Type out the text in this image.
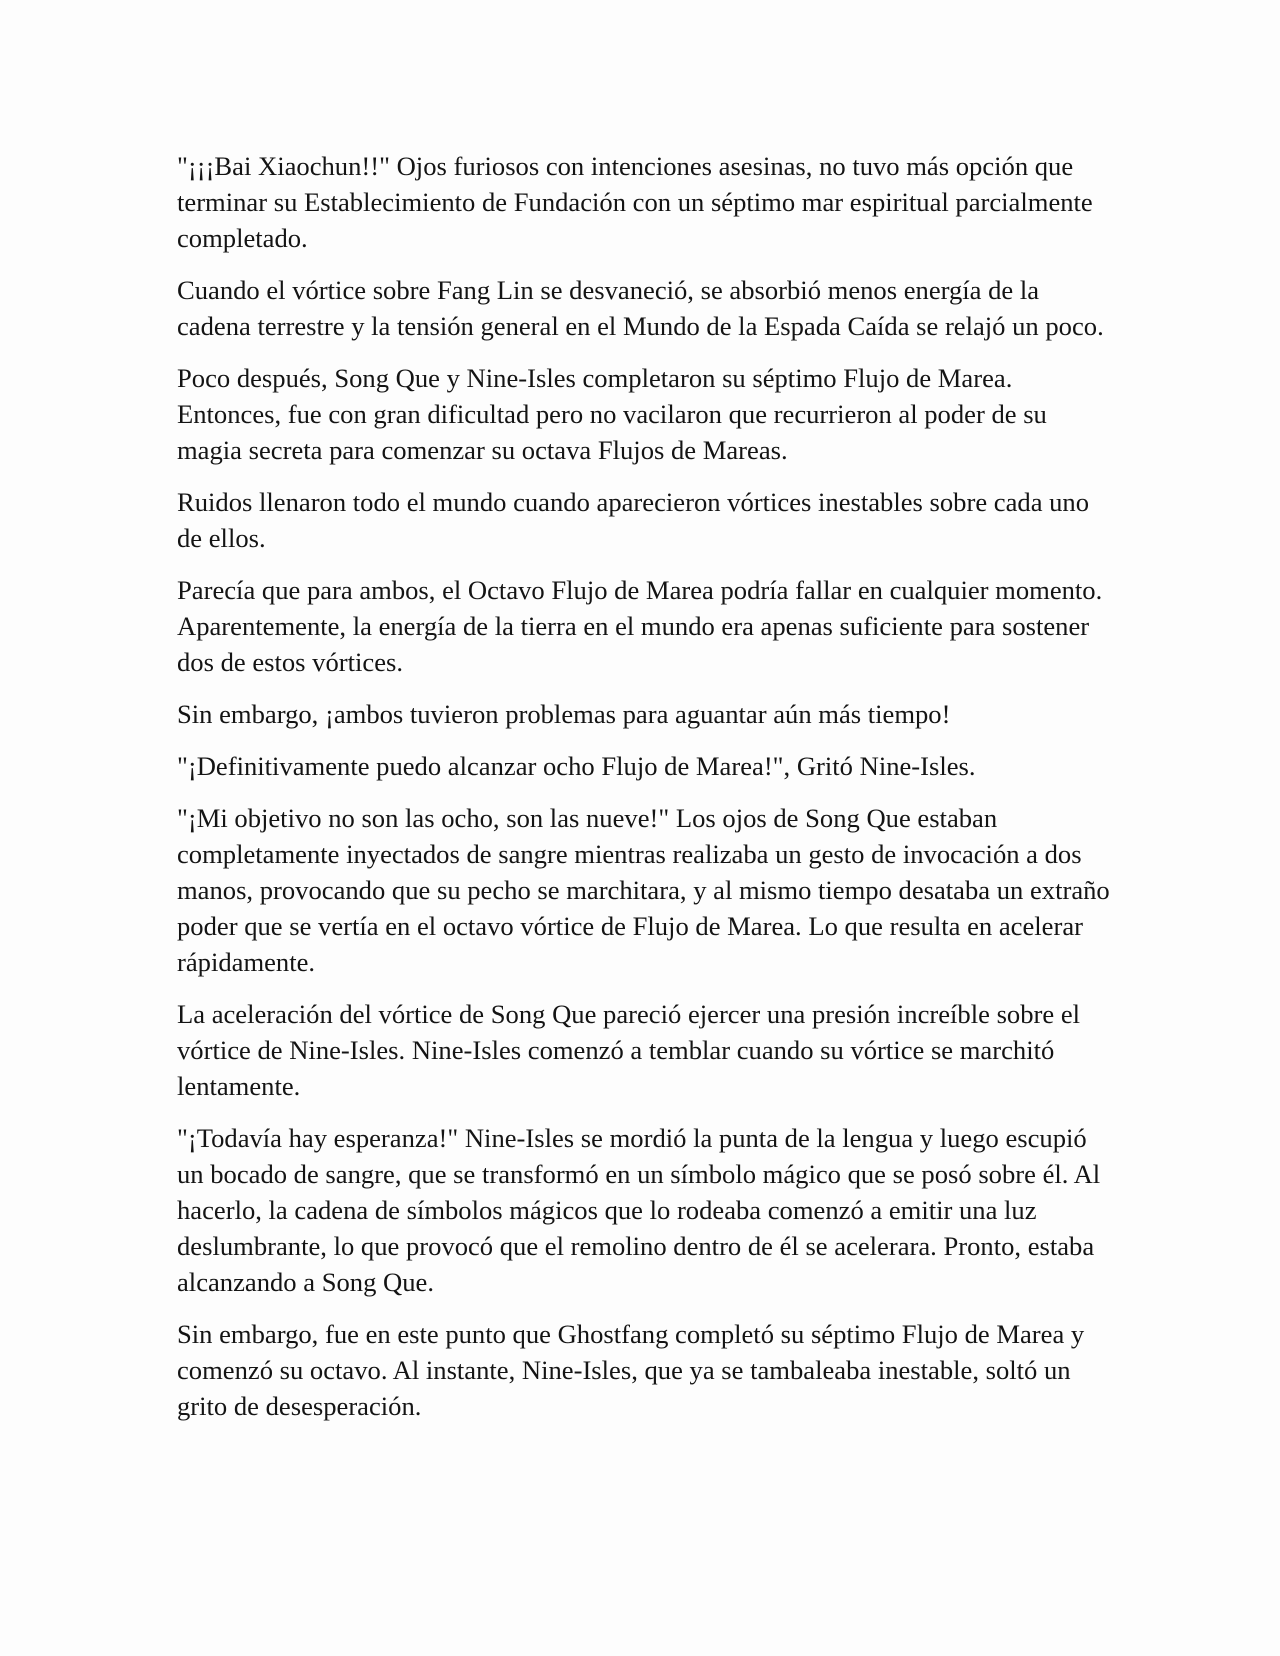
"¡¡¡Bai Xiaochun!!" Ojos furiosos con intenciones asesinas, no tuvo más opción que terminar su Establecimiento de Fundación con un séptimo mar espiritual parcialmente completado.

Cuando el vórtice sobre Fang Lin se desvaneció, se absorbió menos energía de la cadena terrestre y la tensión general en el Mundo de la Espada Caída se relajó un poco.

Poco después, Song Que y Nine-Isles completaron su séptimo Flujo de Marea. Entonces, fue con gran dificultad pero no vacilaron que recurrieron al poder de su magia secreta para comenzar su octava Flujos de Mareas.

Ruidos llenaron todo el mundo cuando aparecieron vórtices inestables sobre cada uno de ellos.

Parecía que para ambos, el Octavo Flujo de Marea podría fallar en cualquier momento. Aparentemente, la energía de la tierra en el mundo era apenas suficiente para sostener dos de estos vórtices.

Sin embargo, ¡ambos tuvieron problemas para aguantar aún más tiempo!

"¡Definitivamente puedo alcanzar ocho Flujo de Marea!", Gritó Nine-Isles.

"¡Mi objetivo no son las ocho, son las nueve!" Los ojos de Song Que estaban completamente inyectados de sangre mientras realizaba un gesto de invocación a dos manos, provocando que su pecho se marchitara, y al mismo tiempo desataba un extraño poder que se vertía en el octavo vórtice de Flujo de Marea. Lo que resulta en acelerar rápidamente.

La aceleración del vórtice de Song Que pareció ejercer una presión increíble sobre el vórtice de Nine-Isles. Nine-Isles comenzó a temblar cuando su vórtice se marchitó lentamente.

"¡Todavía hay esperanza!" Nine-Isles se mordió la punta de la lengua y luego escupió un bocado de sangre, que se transformó en un símbolo mágico que se posó sobre él. Al hacerlo, la cadena de símbolos mágicos que lo rodeaba comenzó a emitir una luz deslumbrante, lo que provocó que el remolino dentro de él se acelerara. Pronto, estaba alcanzando a Song Que.

Sin embargo, fue en este punto que Ghostfang completó su séptimo Flujo de Marea y comenzó su octavo. Al instante, Nine-Isles, que ya se tambaleaba inestable, soltó un grito de desesperación.
